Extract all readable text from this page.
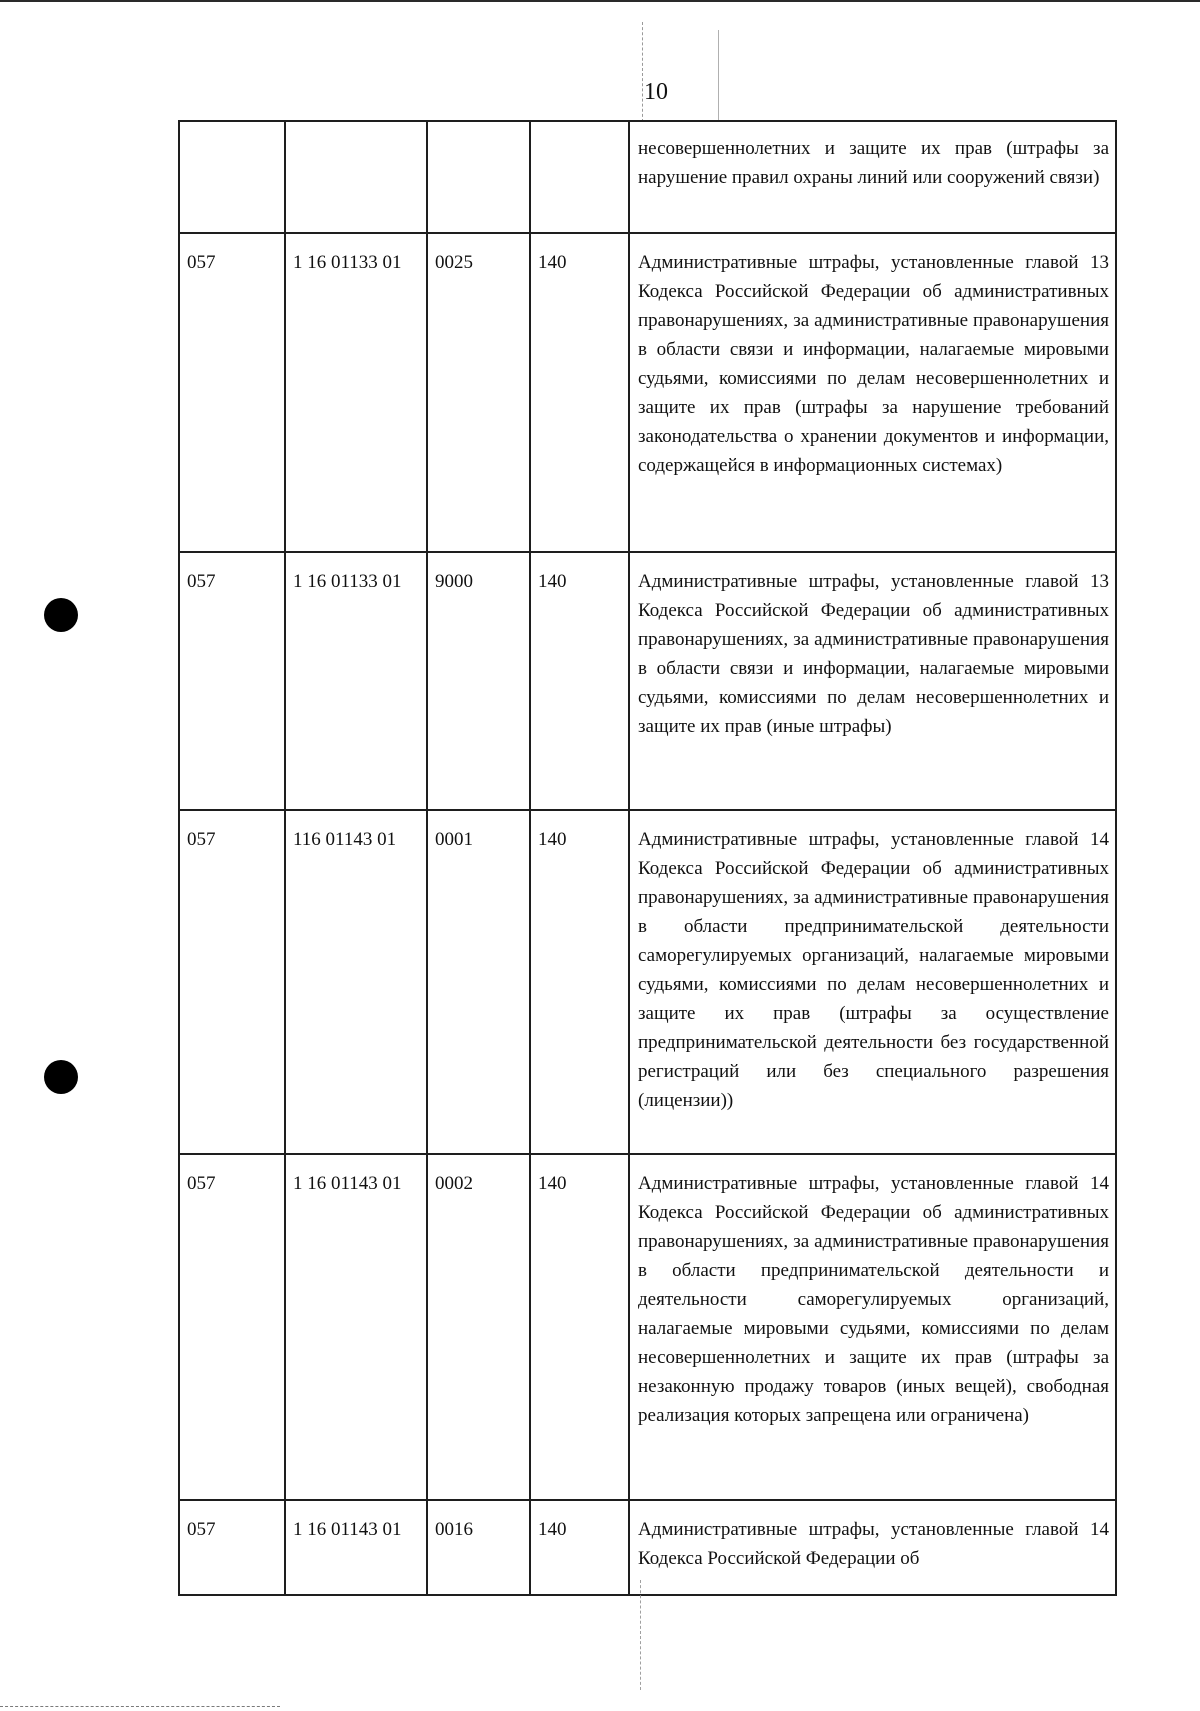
10
				несовершеннолетних и защите их прав (штрафы за нарушение правил охраны линий или сооружений связи)
057	1 16 01133 01	0025	140	Административные штрафы, установленные главой 13 Кодекса Российской Федерации об административных правонарушениях, за административные правонарушения в области связи и информации, налагаемые мировыми судьями, комиссиями по делам несовершеннолетних и защите их прав (штрафы за нарушение требований законодательства о хранении документов и информации, содержащейся в информационных системах)
057	1 16 01133 01	9000	140	Административные штрафы, установленные главой 13 Кодекса Российской Федерации об административных правонарушениях, за административные правонарушения в области связи и информации, налагаемые мировыми судьями, комиссиями по делам несовершеннолетних и защите их прав (иные штрафы)
057	116 01143 01	0001	140	Административные штрафы, установленные главой 14 Кодекса Российской Федерации об административных правонарушениях, за административные правонарушения в области предпринимательской деятельности саморегулируемых организаций, налагаемые мировыми судьями, комиссиями по делам несовершеннолетних и защите их прав (штрафы за осуществление предпринимательской деятельности без государственной регистраций или без специального разрешения (лицензии))
057	1 16 01143 01	0002	140	Административные штрафы, установленные главой 14 Кодекса Российской Федерации об административных правонарушениях, за административные правонарушения в области предпринимательской деятельности и деятельности саморегулируемых организаций, налагаемые мировыми судьями, комиссиями по делам несовершеннолетних и защите их прав (штрафы за незаконную продажу товаров (иных вещей), свободная реализация которых запрещена или ограничена)
057	1 16 01143 01	0016	140	Административные штрафы, установленные главой 14 Кодекса Российской Федерации об
